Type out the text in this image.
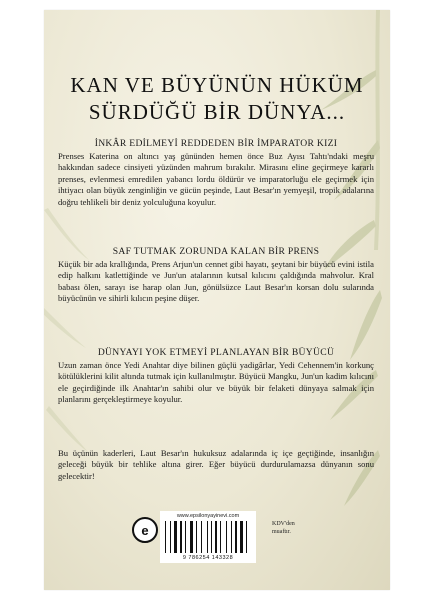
KAN VE BÜYÜNÜN HÜKÜM
SÜRDÜĞÜ BİR DÜNYA...
İNKÂR EDİLMEYİ REDDEDEN BİR İMPARATOR KIZI

Prenses Katerina on altıncı yaş gününden hemen önce Buz Ayısı Tahtı'ndaki meşru hakkından sadece cinsiyeti yüzünden mahrum bırakılır. Mirasını eline geçirmeye kararlı prenses, evlenmesi emredilen yabancı lordu öldürür ve imparatorluğu ele geçirmek için ihtiyacı olan büyük zenginliğin ve gücün peşinde, Laut Besar'ın yemyeşil, tropik adalarına doğru tehlikeli bir deniz yolculuğuna koyulur.

SAF TUTMAK ZORUNDA KALAN BİR PRENS

Küçük bir ada krallığında, Prens Arjun'un cennet gibi hayatı, şeytani bir büyücü evini istila edip halkını katlettiğinde ve Jun'un atalarının kutsal kılıcını çaldığında mahvolur. Kral babası ölen, sarayı ise harap olan Jun, gönülsüzce Laut Besar'ın korsan dolu sularında büyücünün ve sihirli kılıcın peşine düşer.

DÜNYAYI YOK ETMEYİ PLANLAYAN BİR BÜYÜCÜ

Uzun zaman önce Yedi Anahtar diye bilinen güçlü yadigârlar, Yedi Cehennem'in korkunç kötülüklerini kilit altında tutmak için kullanılmıştır. Büyücü Mangku, Jun'un kadim kılıcını ele geçirdiğinde ilk Anahtar'ın sahibi olur ve büyük bir felaketi dünyaya salmak için planlarını gerçekleştirmeye koyulur.

Bu üçünün kaderleri, Laut Besar'ın hukuksuz adalarında iç içe geçtiğinde, insanlığın geleceği büyük bir tehlike altına girer. Eğer büyücü durdurulamazsa dünyanın sonu gelecektir!

e
www.epsilonyayinevi.com
9 786254 143328
KDV'den
muaftır.
